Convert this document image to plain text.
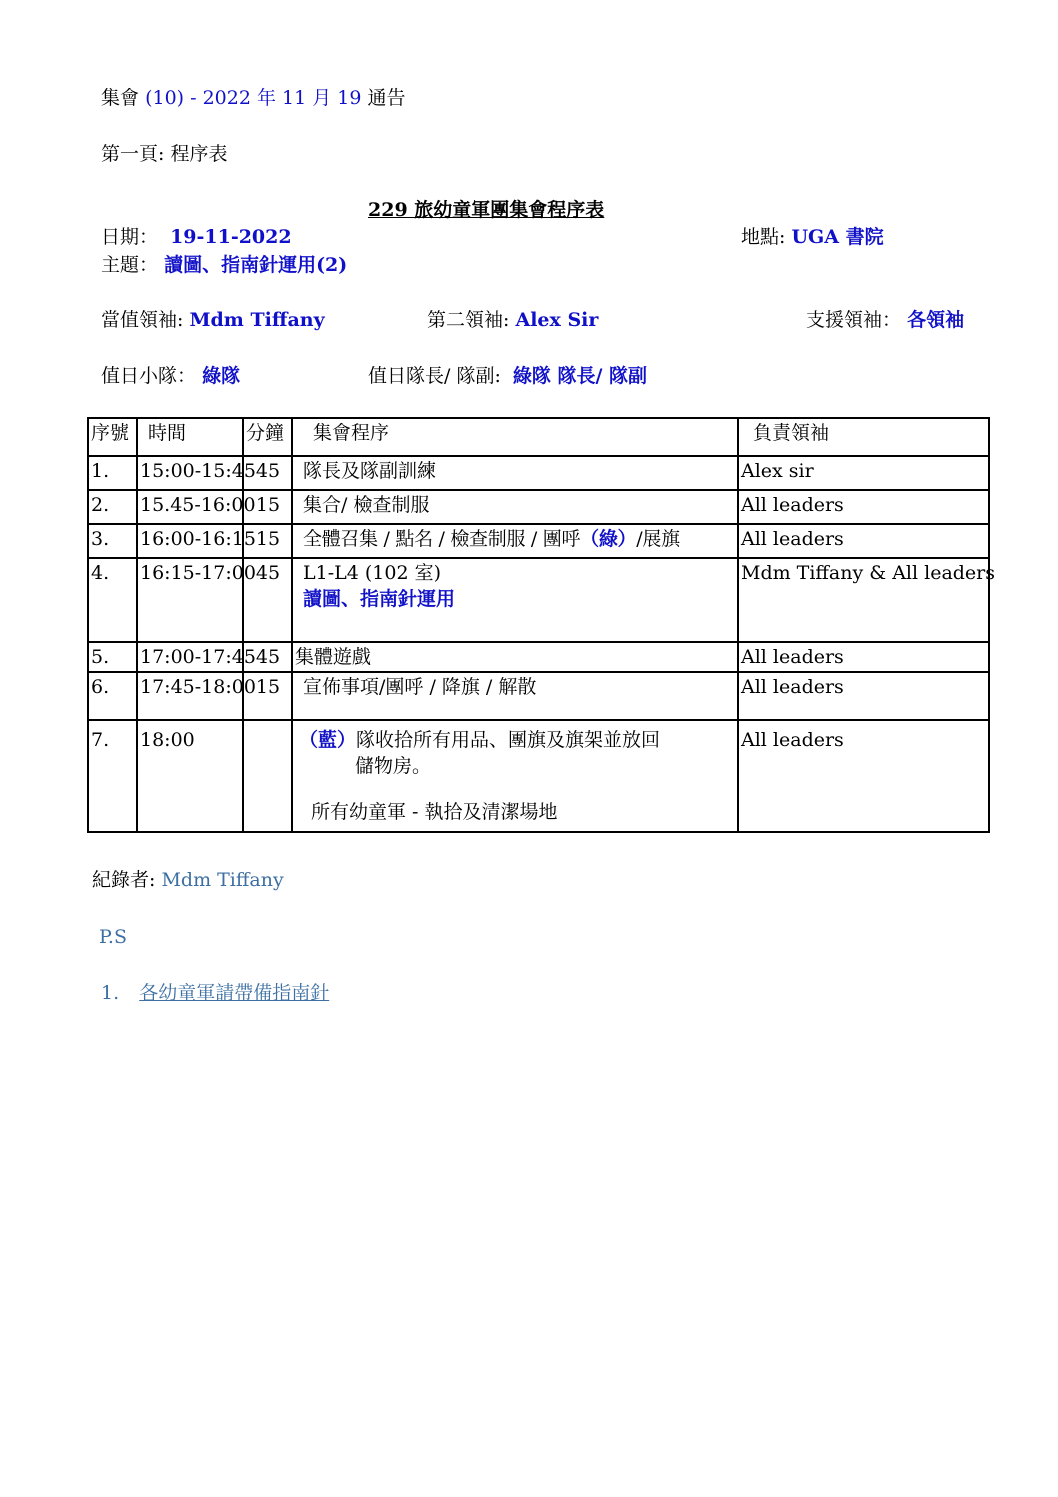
集會 (10) - 2022 年 11 月 19 通告
第一頁: 程序表
229 旅幼童軍團集會程序表
日期： 19-11-2022	地點: UGA 書院
主題： 讀圖、指南針運用(2)
當值領袖: Mdm Tiffany	第二領袖: Alex Sir	支援領袖： 各領袖
值日小隊： 綠隊	值日隊長/ 隊副: 綠隊 隊長/ 隊副
序號	時間	分鐘	集會程序	負責領袖
1.	15:00-15:45	45	隊長及隊副訓練	Alex sir
2.	15.45-16:00	15	集合/ 檢查制服	All leaders
3.	16:00-16:15	15	全體召集 / 點名 / 檢查制服 / 團呼（綠）/展旗	All leaders
4.	16:15-17:00	45	L1-L4 (102 室)
讀圖、指南針運用	Mdm Tiffany & All leaders
5.	17:00-17:45	45	集體遊戲	All leaders
6.	17:45-18:00	15	宣佈事項/團呼 / 降旗 / 解散	All leaders
7.	18:00		（藍）隊收拾所有用品、團旗及旗架並放回
儲物房。
所有幼童軍 - 執拾及清潔場地	All leaders
紀錄者: Mdm Tiffany
P.S
1. 各幼童軍請帶備指南針
